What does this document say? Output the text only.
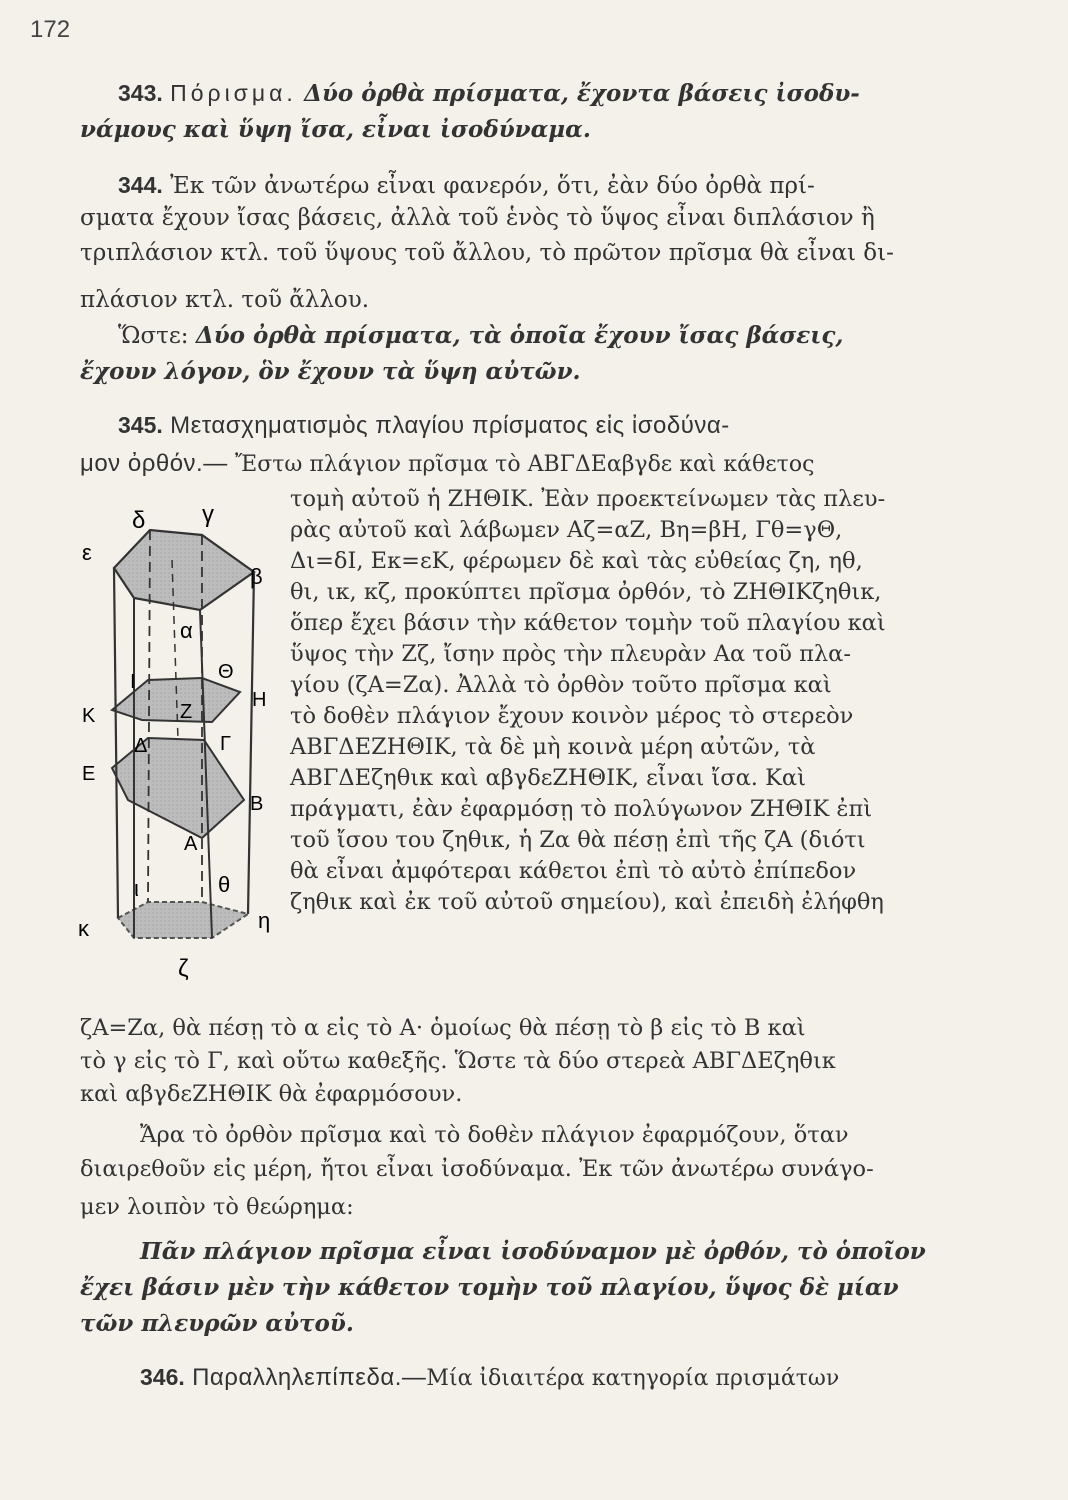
172
343. Πόρισμα. Δύο ὀρθὰ πρίσματα, ἔχοντα βάσεις ἰσοδυ-
νάμους καὶ ὕψη ἴσα, εἶναι ἰσοδύναμα.
344. Ἐκ τῶν ἀνωτέρω εἶναι φανερόν, ὅτι, ἐὰν δύο ὀρθὰ πρί-
σματα ἔχουν ἴσας βάσεις, ἀλλὰ τοῦ ἑνὸς τὸ ὕψος εἶναι διπλάσιον ἢ
τριπλάσιον κτλ. τοῦ ὕψους τοῦ ἄλλου, τὸ πρῶτον πρῖσμα θὰ εἶναι δι-
πλάσιον κτλ. τοῦ ἄλλου.
Ὥστε: Δύο ὀρθὰ πρίσματα, τὰ ὁποῖα ἔχουν ἴσας βάσεις,
ἔχουν λόγον, ὃν ἔχουν τὰ ὕψη αὐτῶν.
345. Μετασχηματισμὸς πλαγίου πρίσματος εἰς ἰσοδύνα-
μον ὀρθόν.— Ἔστω πλάγιον πρῖσμα τὸ ΑΒΓΔΕαβγδε καὶ κάθετος
δ γ
ε
β
α
Θ
Ι
Η
Κ	Ζ
Δ	Γ
Ε
Β
Α
ι	θ
κ	η
ζ
τομὴ αὐτοῦ ἡ ΖΗΘΙΚ. Ἐὰν προεκτείνωμεν τὰς πλευ-
ρὰς αὐτοῦ καὶ λάβωμεν Αζ=αΖ, Βη=βΗ, Γθ=γΘ,
Δι=δΙ, Εκ=εΚ, φέρωμεν δὲ καὶ τὰς εὐθείας ζη, ηθ,
θι, ικ, κζ, προκύπτει πρῖσμα ὀρθόν, τὸ ΖΗΘΙΚζηθικ,
ὅπερ ἔχει βάσιν τὴν κάθετον τομὴν τοῦ πλαγίου καὶ
ὕψος τὴν Ζζ, ἴσην πρὸς τὴν πλευρὰν Αα τοῦ πλα-
γίου (ζΑ=Ζα). Ἀλλὰ τὸ ὀρθὸν τοῦτο πρῖσμα καὶ
τὸ δοθὲν πλάγιον ἔχουν κοινὸν μέρος τὸ στερεὸν
ΑΒΓΔΕΖΗΘΙΚ, τὰ δὲ μὴ κοινὰ μέρη αὐτῶν, τὰ
ΑΒΓΔΕζηθικ καὶ αβγδεΖΗΘΙΚ, εἶναι ἴσα. Καὶ
πράγματι, ἐὰν ἐφαρμόσῃ τὸ πολύγωνον ΖΗΘΙΚ ἐπὶ
τοῦ ἴσου του ζηθικ, ἡ Ζα θὰ πέσῃ ἐπὶ τῆς ζΑ (διότι
θὰ εἶναι ἀμφότεραι κάθετοι ἐπὶ τὸ αὐτὸ ἐπίπεδον
ζηθικ καὶ ἐκ τοῦ αὐτοῦ σημείου), καὶ ἐπειδὴ ἐλήφθη
ζΑ=Ζα, θὰ πέσῃ τὸ α εἰς τὸ Α· ὁμοίως θὰ πέσῃ τὸ β εἰς τὸ Β καὶ
τὸ γ εἰς τὸ Γ, καὶ οὕτω καθεξῆς. Ὥστε τὰ δύο στερεὰ ΑΒΓΔΕζηθικ
καὶ αβγδεΖΗΘΙΚ θὰ ἐφαρμόσουν.
Ἄρα τὸ ὀρθὸν πρῖσμα καὶ τὸ δοθὲν πλάγιον ἐφαρμόζουν, ὅταν
διαιρεθοῦν εἰς μέρη, ἤτοι εἶναι ἰσοδύναμα. Ἐκ τῶν ἀνωτέρω συνάγο-
μεν λοιπὸν τὸ θεώρημα:
Πᾶν πλάγιον πρῖσμα εἶναι ἰσοδύναμον μὲ ὀρθόν, τὸ ὁποῖον
ἔχει βάσιν μὲν τὴν κάθετον τομὴν τοῦ πλαγίου, ὕψος δὲ μίαν
τῶν πλευρῶν αὐτοῦ.
346. Παραλληλεπίπεδα.—Μία ἰδιαιτέρα κατηγορία πρισμάτων
